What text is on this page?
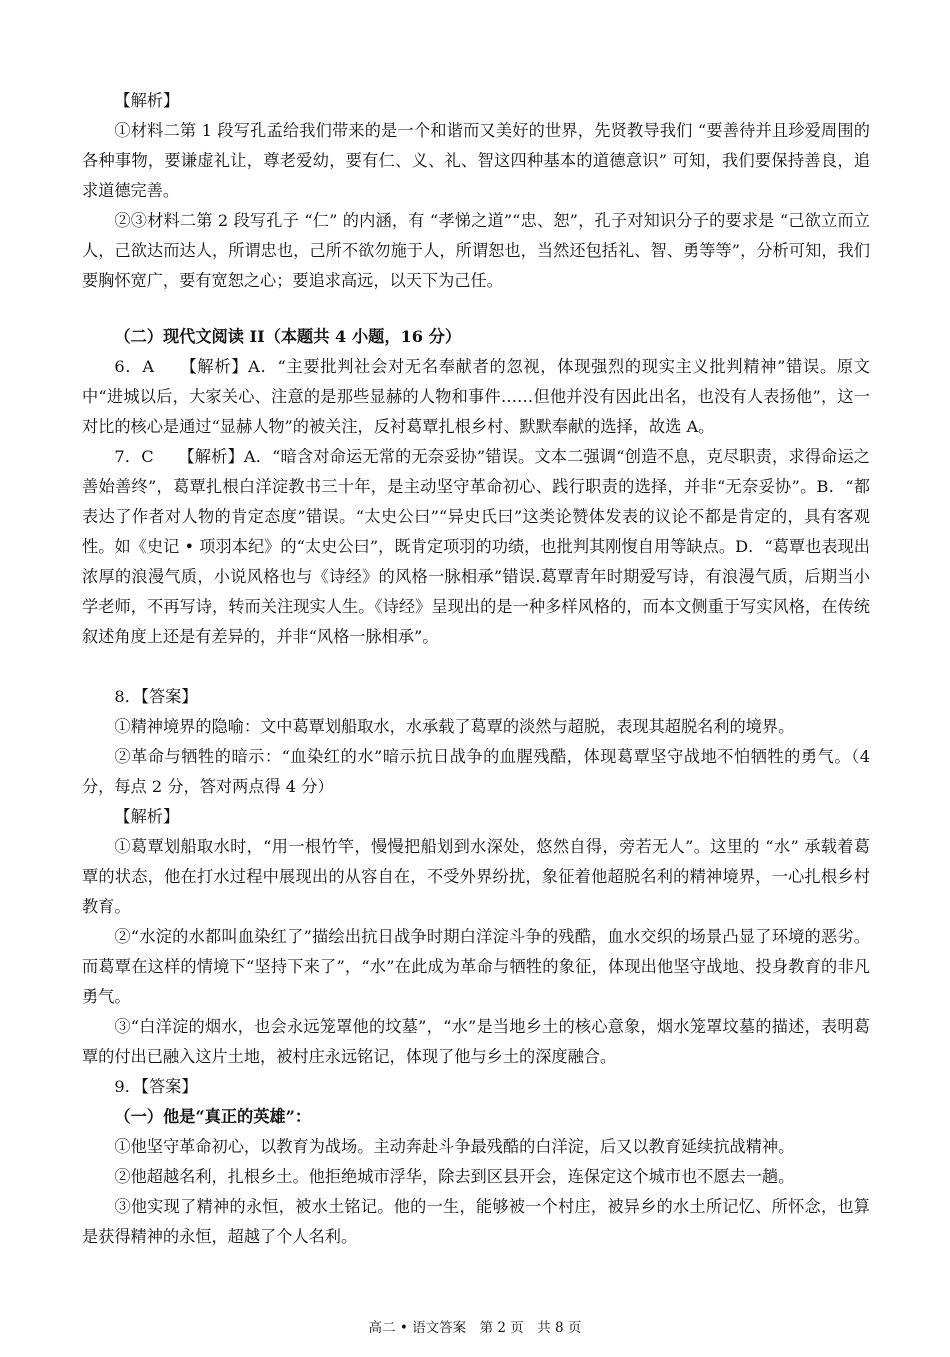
【解析】

①材料二第 1 段写孔孟给我们带来的是一个和谐而又美好的世界，先贤教导我们 “要善待并且珍爱周围的各种事物，要谦虚礼让，尊老爱幼，要有仁、义、礼、智这四种基本的道德意识” 可知，我们要保持善良，追求道德完善。

②③材料二第 2 段写孔子 “仁” 的内涵，有 “孝悌之道”“忠、恕”，孔子对知识分子的要求是 “己欲立而立人，己欲达而达人，所谓忠也，己所不欲勿施于人，所谓恕也，当然还包括礼、智、勇等等”，分析可知，我们要胸怀宽广，要有宽恕之心；要追求高远，以天下为己任。

（二）现代文阅读 II（本题共 4 小题，16 分）

6．A　　【解析】A．“主要批判社会对无名奉献者的忽视，体现强烈的现实主义批判精神”错误。原文中“进城以后，大家关心、注意的是那些显赫的人物和事件……但他并没有因此出名，也没有人表扬他”，这一对比的核心是通过“显赫人物”的被关注，反衬葛覃扎根乡村、默默奉献的选择，故选 A。

7．C　　【解析】A．“暗含对命运无常的无奈妥协”错误。文本二强调“创造不息，克尽职责，求得命运之善始善终”，葛覃扎根白洋淀教书三十年，是主动坚守革命初心、践行职责的选择，并非“无奈妥协”。B．“都表达了作者对人物的肯定态度”错误。“太史公曰”“异史氏曰”这类论赞体发表的议论不都是肯定的，具有客观性。如《史记 • 项羽本纪》的“太史公曰”，既肯定项羽的功绩，也批判其刚愎自用等缺点。D．“葛覃也表现出浓厚的浪漫气质，小说风格也与《诗经》的风格一脉相承”错误.葛覃青年时期爱写诗，有浪漫气质，后期当小学老师，不再写诗，转而关注现实人生。《诗经》呈现出的是一种多样风格的，而本文侧重于写实风格，在传统叙述角度上还是有差异的，并非“风格一脉相承”。

8．【答案】

①精神境界的隐喻：文中葛覃划船取水，水承载了葛覃的淡然与超脱，表现其超脱名利的境界。

②革命与牺牲的暗示：“血染红的水”暗示抗日战争的血腥残酷，体现葛覃坚守战地不怕牺牲的勇气。（4 分，每点 2 分，答对两点得 4 分）

【解析】

①葛覃划船取水时，“用一根竹竿，慢慢把船划到水深处，悠然自得，旁若无人”。这里的 “水” 承载着葛覃的状态，他在打水过程中展现出的从容自在，不受外界纷扰，象征着他超脱名利的精神境界，一心扎根乡村教育。

②“水淀的水都叫血染红了”描绘出抗日战争时期白洋淀斗争的残酷，血水交织的场景凸显了环境的恶劣。而葛覃在这样的情境下“坚持下来了”，“水”在此成为革命与牺牲的象征，体现出他坚守战地、投身教育的非凡勇气。

③“白洋淀的烟水，也会永远笼罩他的坟墓”，“水”是当地乡土的核心意象，烟水笼罩坟墓的描述，表明葛覃的付出已融入这片土地，被村庄永远铭记，体现了他与乡土的深度融合。

9．【答案】

（一）他是“真正的英雄”：

①他坚守革命初心，以教育为战场。主动奔赴斗争最残酷的白洋淀，后又以教育延续抗战精神。

②他超越名利，扎根乡土。他拒绝城市浮华，除去到区县开会，连保定这个城市也不愿去一趟。

③他实现了精神的永恒，被水土铭记。他的一生，能够被一个村庄，被异乡的水土所记忆、所怀念，也算是获得精神的永恒，超越了个人名利。

高二 • 语文答案　第 2 页　共 8 页
